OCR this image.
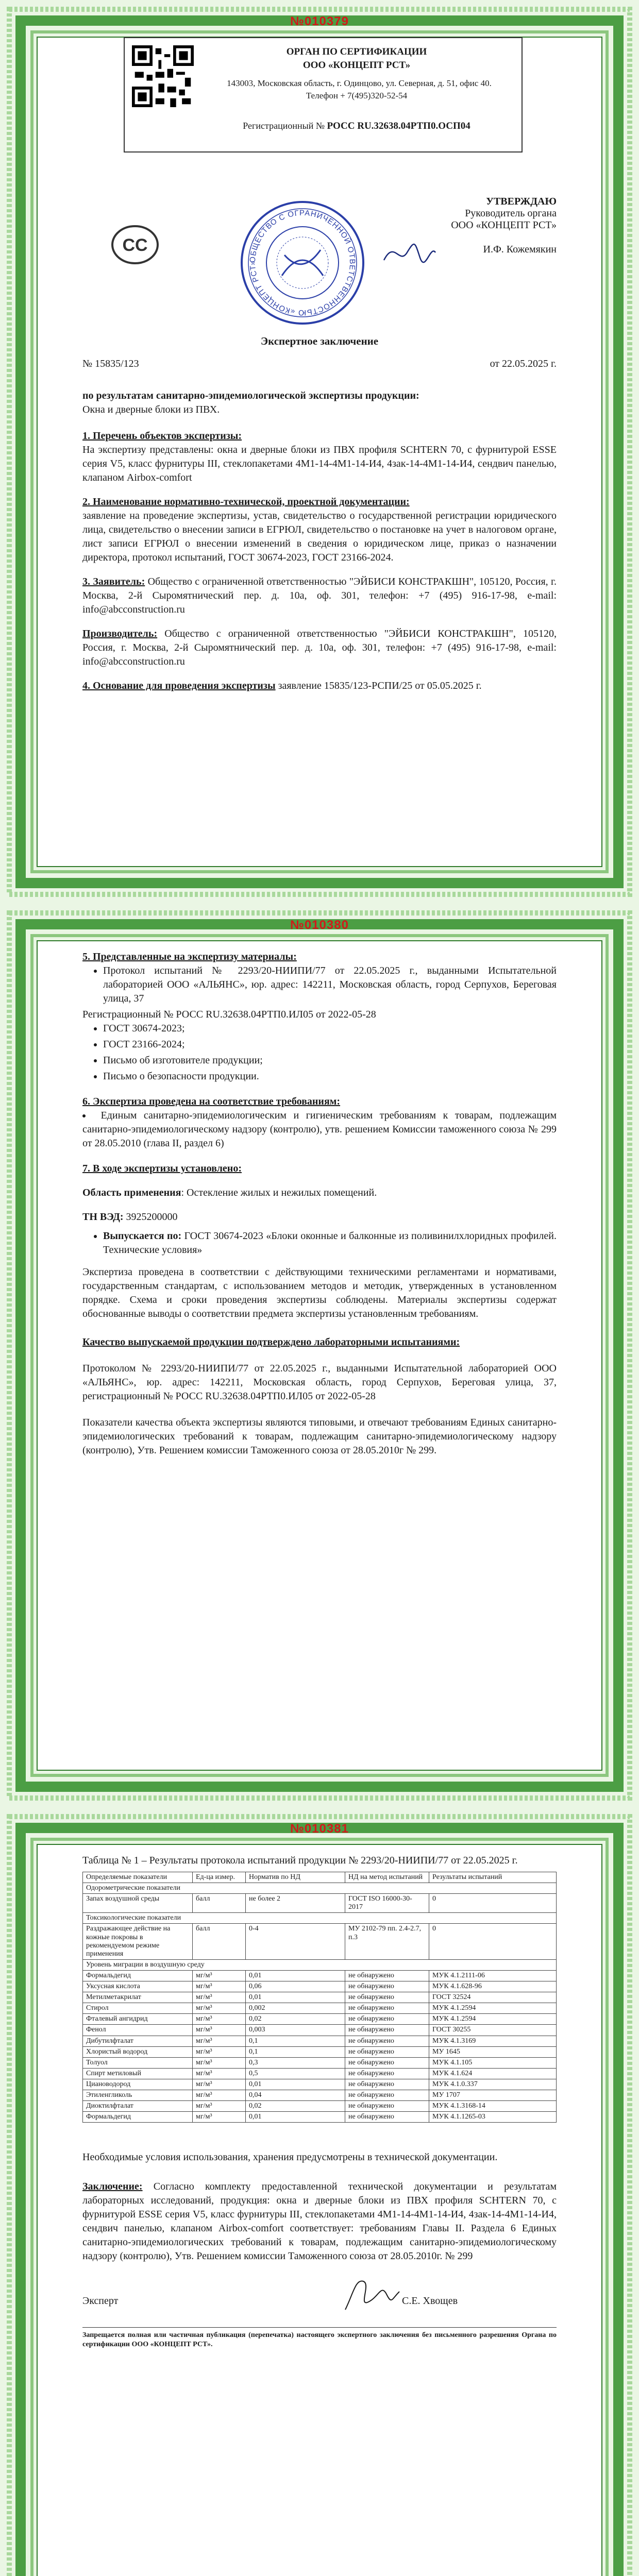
№010379
ОРГАН ПО СЕРТИФИКАЦИИ
ООО «КОНЦЕПТ РСТ»
143003, Московская область, г. Одинцово, ул. Северная, д. 51, офис 40.
Телефон + 7(495)320-52-54
Регистрационный № РОСС RU.32638.04РТП0.ОСП04
СС
ОБЩЕСТВО С ОГРАНИЧЕННОЙ ОТВЕТСТВЕННОСТЬЮ «КОНЦЕПТ РСТ»
УТВЕРЖДАЮ
Руководитель органа
ООО «КОНЦЕПТ РСТ»
И.Ф. Кожемякин
Экспертное заключение
№ 15835/123	от 22.05.2025 г.

по результатам санитарно-эпидемиологической экспертизы продукции:

Окна и дверные блоки из ПВХ.

1. Перечень объектов экспертизы:

На экспертизу представлены: окна и дверные блоки из ПВХ профиля SCHTERN 70, с фурнитурой ESSE серия V5, класс фурнитуры III, стеклопакетами 4М1-14-4М1-14-И4, 4зак-14-4М1-14-И4, сендвич панелью, клапаном Airbox-comfort

2. Наименование нормативно-технической, проектной документации:

заявление на проведение экспертизы, устав, свидетельство о государственной регистрации юридического лица, свидетельство о внесении записи в ЕГРЮЛ, свидетельство о постановке на учет в налоговом органе, лист записи ЕГРЮЛ о внесении изменений в сведения о юридическом лице, приказ о назначении директора, протокол испытаний, ГОСТ 30674-2023, ГОСТ 23166-2024.

3. Заявитель: Общество с ограниченной ответственностью "ЭЙБИСИ КОНСТРАКШН", 105120, Россия, г. Москва, 2-й Сыромятнический пер. д. 10а, оф. 301, телефон: +7 (495) 916-17-98, e-mail: info@abcconstruction.ru

Производитель: Общество с ограниченной ответственностью "ЭЙБИСИ КОНСТРАКШН", 105120, Россия, г. Москва, 2-й Сыромятнический пер. д. 10а, оф. 301, телефон: +7 (495) 916-17-98, e-mail: info@abcconstruction.ru

4. Основание для проведения экспертизы заявление 15835/123-РСПИ/25 от 05.05.2025 г.

№010380

5. Представленные на экспертизу материалы:

• Протокол испытаний № 2293/20-НИИПИ/77 от 22.05.2025 г., выданными Испытательной лабораторией ООО «АЛЬЯНС», юр. адрес: 142211, Московская область, город Серпухов, Береговая улица, 37

Регистрационный № РОСС RU.32638.04РТП0.ИЛ05 от 2022-05-28

• ГОСТ 30674-2023;
• ГОСТ 23166-2024;
• Письмо об изготовителе продукции;
• Письмо о безопасности продукции.

6. Экспертиза проведена на соответствие требованиям:

• Единым санитарно-эпидемиологическим и гигиеническим требованиям к товарам, подлежащим санитарно-эпидемиологическому надзору (контролю), утв. решением Комиссии таможенного союза № 299 от 28.05.2010 (глава II, раздел 6)

7. В ходе экспертизы установлено:

Область применения: Остекление жилых и нежилых помещений.

ТН ВЭД: 3925200000

• Выпускается по: ГОСТ 30674-2023 «Блоки оконные и балконные из поливинилхлоридных профилей. Технические условия»

Экспертиза проведена в соответствии с действующими техническими регламентами и нормативами, государственным стандартам, с использованием методов и методик, утвержденных в установленном порядке. Схема и сроки проведения экспертизы соблюдены. Материалы экспертизы содержат обоснованные выводы о соответствии предмета экспертизы установленным требованиям.

Качество выпускаемой продукции подтверждено лабораторными испытаниями:

Протоколом № 2293/20-НИИПИ/77 от 22.05.2025 г., выданными Испытательной лабораторией ООО «АЛЬЯНС», юр. адрес: 142211, Московская область, город Серпухов, Береговая улица, 37, регистрационный № РОСС RU.32638.04РТП0.ИЛ05 от 2022-05-28

Показатели качества объекта экспертизы являются типовыми, и отвечают требованиям Единых санитарно-эпидемиологических требований к товарам, подлежащим санитарно-эпидемиологическому надзору (контролю), Утв. Решением комиссии Таможенного союза от 28.05.2010г № 299.

№010381

Таблица № 1 – Результаты протокола испытаний продукции № 2293/20-НИИПИ/77 от 22.05.2025 г.

Определяемые показатели	Ед-ца измер.	Норматив по НД	НД на метод испытаний	Результаты испытаний
Одорометрические показатели				
Запах воздушной среды	балл	не более 2	ГОСТ ISO 16000-30-2017	0
Токсикологические показатели				
Раздражающее действие на кожные покровы в рекомендуемом режиме применения	балл	0-4	МУ 2102-79 пп. 2.4-2.7, п.3	0
Уровень миграции в воздушную среду				
Формальдегид	мг/м³	0,01	не обнаружено	МУК 4.1.2111-06
Уксусная кислота	мг/м³	0,06	не обнаружено	МУК 4.1.628-96
Метилметакрилат	мг/м³	0,01	не обнаружено	ГОСТ 32524
Стирол	мг/м³	0,002	не обнаружено	МУК 4.1.2594
Фталевый ангидрид	мг/м³	0,02	не обнаружено	МУК 4.1.2594
Фенол	мг/м³	0,003	не обнаружено	ГОСТ 30255
Дибутилфталат	мг/м³	0,1	не обнаружено	МУК 4.1.3169
Хлористый водород	мг/м³	0,1	не обнаружено	МУ 1645
Толуол	мг/м³	0,3	не обнаружено	МУК 4.1.105
Спирт метиловый	мг/м³	0,5	не обнаружено	МУК 4.1.624
Циановодород	мг/м³	0,01	не обнаружено	МУК 4.1.0.337
Этиленгликоль	мг/м³	0,04	не обнаружено	МУ 1707
Диоктилфталат	мг/м³	0,02	не обнаружено	МУК 4.1.3168-14
Формальдегид	мг/м³	0,01	не обнаружено	МУК 4.1.1265-03

Необходимые условия использования, хранения предусмотрены в технической документации.

Заключение: Согласно комплекту предоставленной технической документации и результатам лабораторных исследований, продукция: окна и дверные блоки из ПВХ профиля SCHTERN 70, с фурнитурой ESSE серия V5, класс фурнитуры III, стеклопакетами 4М1-14-4М1-14-И4, 4зак-14-4М1-14-И4, сендвич панелью, клапаном Airbox-comfort соответствует: требованиям Главы II. Раздела 6 Единых санитарно-эпидемиологических требований к товарам, подлежащим санитарно-эпидемиологическому надзору (контролю), Утв. Решением комиссии Таможенного союза от 28.05.2010г. № 299

Эксперт	С.Е. Хвощев

Запрещается полная или частичная публикация (перепечатка) настоящего экспертного заключения без письменного разрешения Органа по сертификации ООО «КОНЦЕПТ РСТ».
